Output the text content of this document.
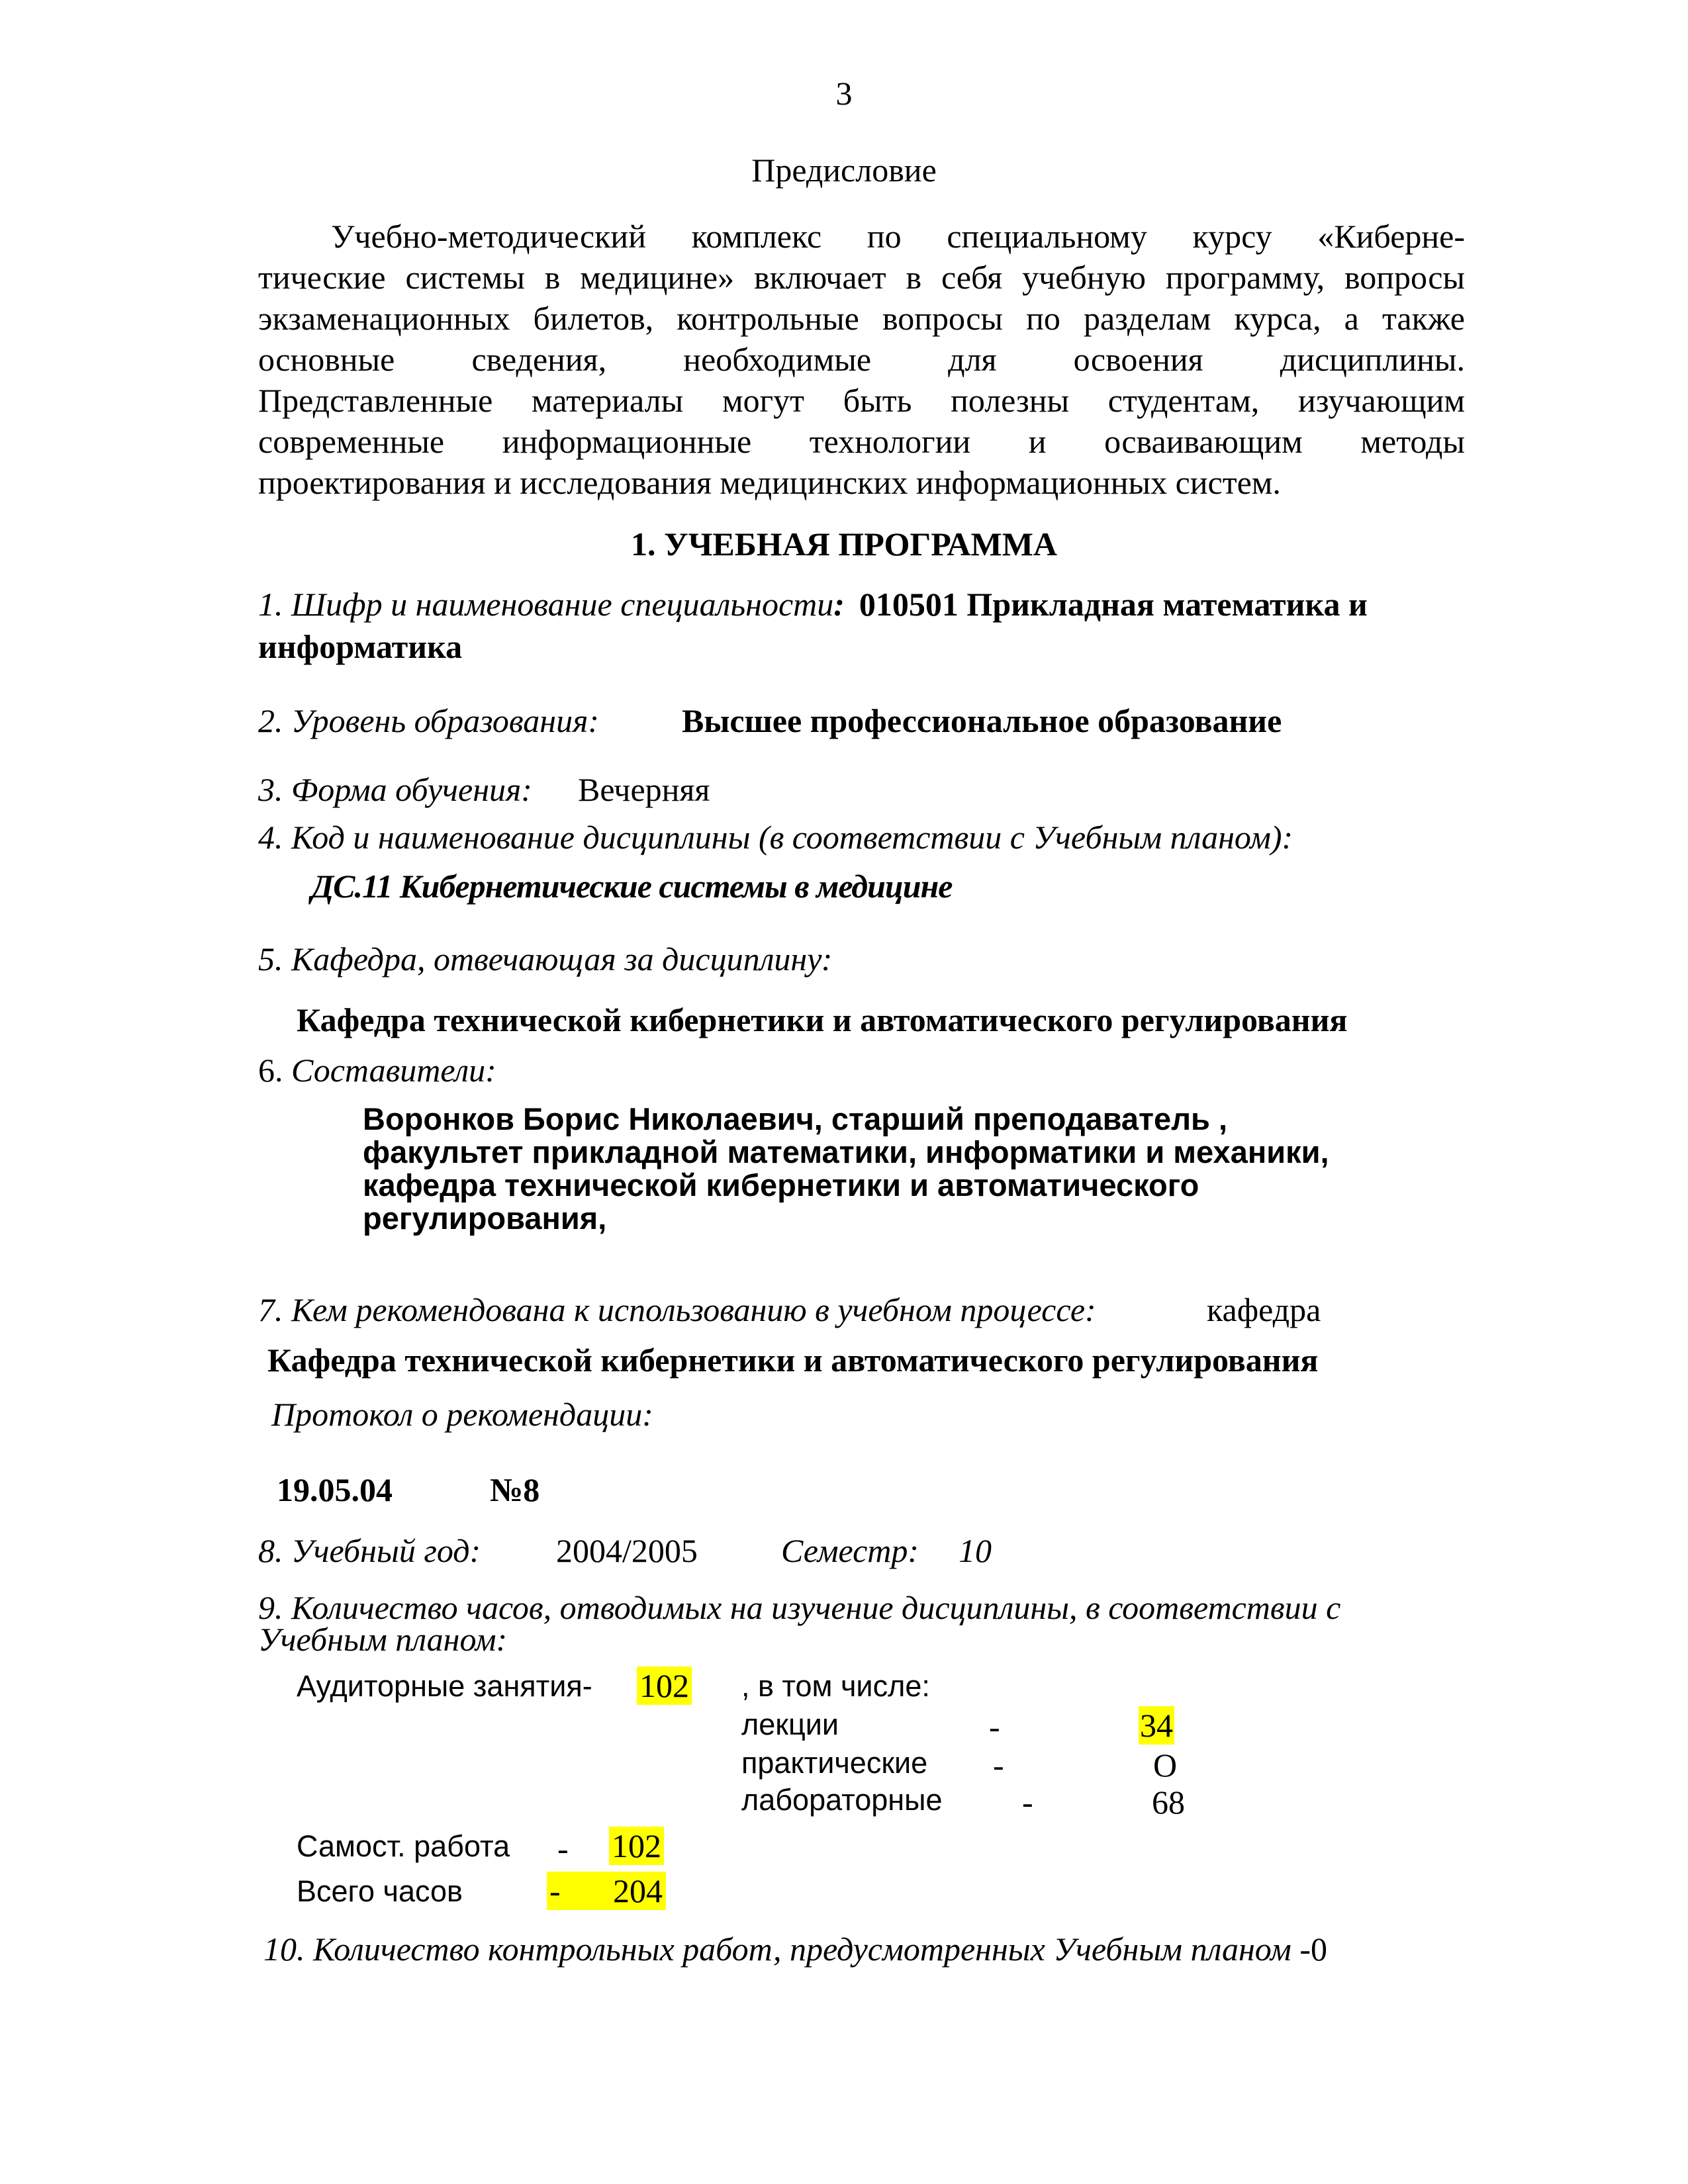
3
Предисловие
Учебно-методический комплекс по специальному курсу «Киберне-
тические системы в медицине» включает в себя учебную программу, вопросы
экзаменационных билетов, контрольные вопросы по разделам курса, а также
основные сведения, необходимые для освоения дисциплины.
Представленные материалы могут быть полезны студентам, изучающим
современные информационные технологии и осваивающим методы
проектирования и исследования медицинских информационных систем.
1. УЧЕБНАЯ ПРОГРАММА
1. Шифр и наименование специальности: 010501 Прикладная математика и
информатика
2. Уровень образования:	Высшее профессиональное образование
3. Форма обучения: Вечерняя
4. Код и наименование дисциплины (в соответствии с Учебным планом):
ДС.11 Кибернетические системы в медицине
5. Кафедра, отвечающая за дисциплину:
Кафедра технической кибернетики и автоматического регулирования
6. Составители:
Воронков Борис Николаевич, старший преподаватель ,
факультет прикладной математики, информатики и механики,
кафедра технической кибернетики и автоматического
регулирования,
7. Кем рекомендована к использованию в учебном процессе:	кафедра
Кафедра технической кибернетики и автоматического регулирования
Протокол о рекомендации:
19.05.04	№8
8. Учебный год: 2004/2005	Семестр: 10
9. Количество часов, отводимых на изучение дисциплины, в соответствии с
Учебным планом:
Аудиторные занятия- 102 , в том числе:
лекции	-	34
практические -	О
лабораторные -	68
Самост. работа - 102
Всего часов	- 204
10. Количество контрольных работ, предусмотренных Учебным планом -0
